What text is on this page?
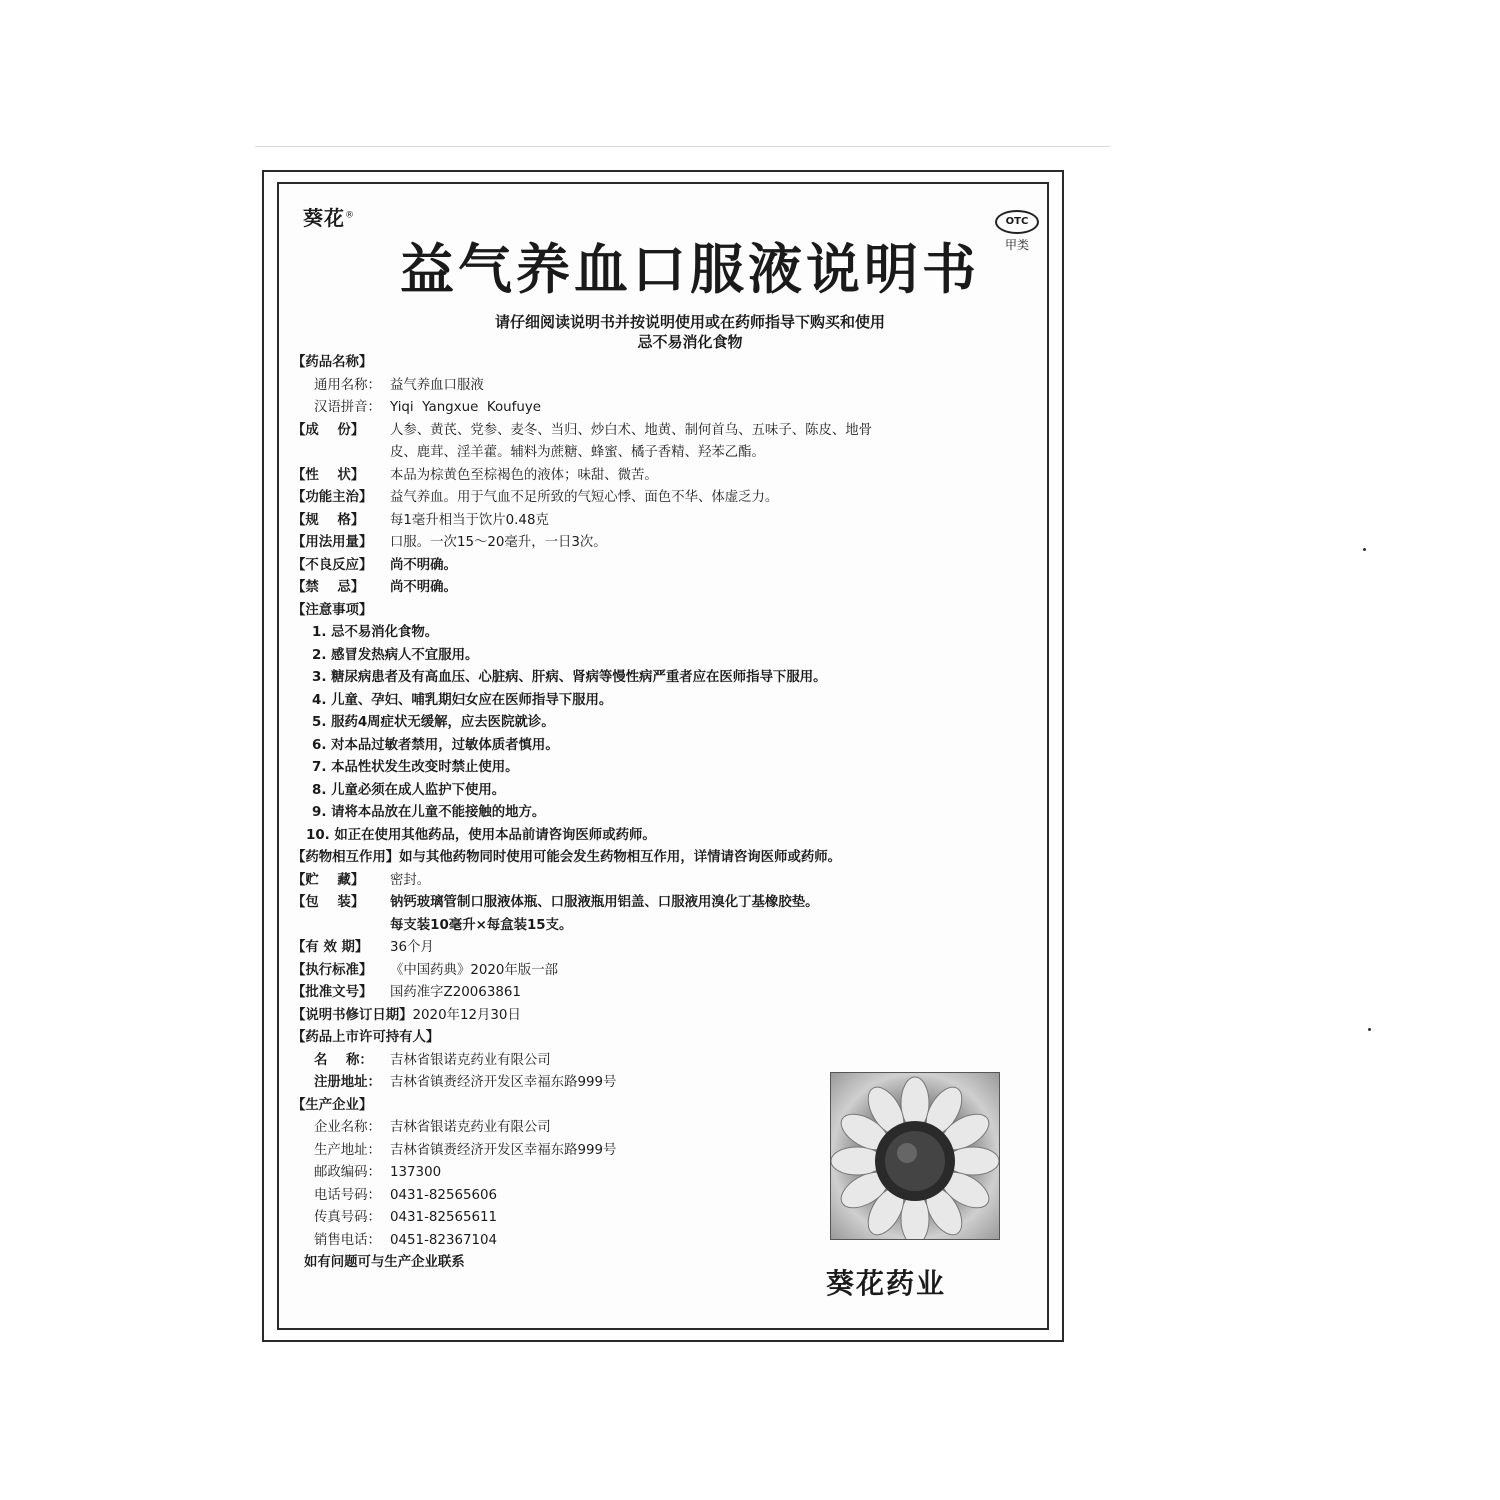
葵花®
OTC
甲类
益气养血口服液说明书
请仔细阅读说明书并按说明使用或在药师指导下购买和使用
忌不易消化食物
【药品名称】
通用名称： 益气养血口服液
汉语拼音： Yiqi  Yangxue  Koufuye
【成    份】	人参、黄芪、党参、麦冬、当归、炒白术、地黄、制何首乌、五味子、陈皮、地骨
皮、鹿茸、淫羊藿。辅料为蔗糖、蜂蜜、橘子香精、羟苯乙酯。
【性    状】	本品为棕黄色至棕褐色的液体；味甜、微苦。
【功能主治】	益气养血。用于气血不足所致的气短心悸、面色不华、体虚乏力。
【规    格】	每1毫升相当于饮片0.48克
【用法用量】	口服。一次15～20毫升，一日3次。
【不良反应】	尚不明确。
【禁    忌】	尚不明确。
【注意事项】
1. 忌不易消化食物。
2. 感冒发热病人不宜服用。
3. 糖尿病患者及有高血压、心脏病、肝病、肾病等慢性病严重者应在医师指导下服用。
4. 儿童、孕妇、哺乳期妇女应在医师指导下服用。
5. 服药4周症状无缓解，应去医院就诊。
6. 对本品过敏者禁用，过敏体质者慎用。
7. 本品性状发生改变时禁止使用。
8. 儿童必须在成人监护下使用。
9. 请将本品放在儿童不能接触的地方。
10. 如正在使用其他药品，使用本品前请咨询医师或药师。
【药物相互作用】 如与其他药物同时使用可能会发生药物相互作用，详情请咨询医师或药师。
【贮    藏】	密封。
【包    装】	钠钙玻璃管制口服液体瓶、口服液瓶用铝盖、口服液用溴化丁基橡胶垫。
每支装10毫升×每盒装15支。
【有 效 期】	36个月
【执行标准】	《中国药典》2020年版一部
【批准文号】	国药准字Z20063861
【说明书修订日期】 2020年12月30日
【药品上市许可持有人】
名    称：	吉林省银诺克药业有限公司
注册地址： 吉林省镇赉经济开发区幸福东路999号
【生产企业】
企业名称： 吉林省银诺克药业有限公司
生产地址： 吉林省镇赉经济开发区幸福东路999号
邮政编码： 137300
电话号码： 0431-82565606
传真号码： 0431-82565611
销售电话： 0451-82367104
如有问题可与生产企业联系
葵花药业
